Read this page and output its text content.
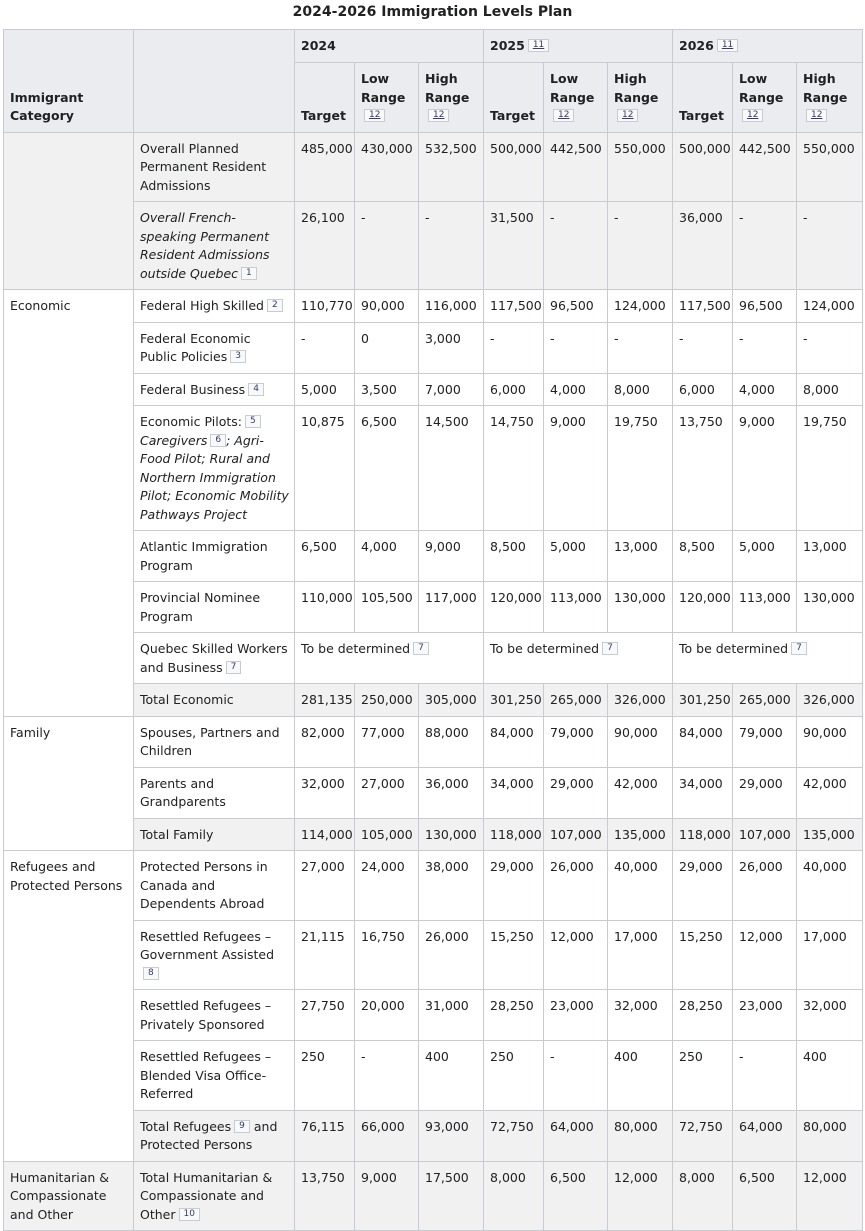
2024-2026 Immigration Levels Plan
Immigrant Category		2024			2025 11			2026 11		
		Target	Low Range12	High Range12	Target	Low Range12	High Range12	Target	Low Range12	High Range12
	Overall Planned Permanent Resident Admissions	485,000	430,000	532,500	500,000	442,500	550,000	500,000	442,500	550,000
	Overall French-speaking Permanent Resident Admissions outside Quebec 1	26,100	-	-	31,500	-	-	36,000	-	-
Economic	Federal High Skilled 2	110,770	90,000	116,000	117,500	96,500	124,000	117,500	96,500	124,000
	Federal Economic Public Policies 3	-	0	3,000	-	-	-	-	-	-
	Federal Business 4	5,000	3,500	7,000	6,000	4,000	8,000	6,000	4,000	8,000
	Economic Pilots: 5 Caregivers 6 ; Agri-Food Pilot; Rural and Northern Immigration Pilot; Economic Mobility Pathways Project	10,875	6,500	14,500	14,750	9,000	19,750	13,750	9,000	19,750
	Atlantic Immigration Program	6,500	4,000	9,000	8,500	5,000	13,000	8,500	5,000	13,000
	Provincial Nominee Program	110,000	105,500	117,000	120,000	113,000	130,000	120,000	113,000	130,000
	Quebec Skilled Workers and Business 7	To be determined 7			To be determined 7			To be determined 7		
	Total Economic	281,135	250,000	305,000	301,250	265,000	326,000	301,250	265,000	326,000
Family	Spouses, Partners and Children	82,000	77,000	88,000	84,000	79,000	90,000	84,000	79,000	90,000
	Parents and Grandparents	32,000	27,000	36,000	34,000	29,000	42,000	34,000	29,000	42,000
	Total Family	114,000	105,000	130,000	118,000	107,000	135,000	118,000	107,000	135,000
Refugees and Protected Persons	Protected Persons in Canada and Dependents Abroad	27,000	24,000	38,000	29,000	26,000	40,000	29,000	26,000	40,000
	Resettled Refugees – Government Assisted8	21,115	16,750	26,000	15,250	12,000	17,000	15,250	12,000	17,000
	Resettled Refugees – Privately Sponsored	27,750	20,000	31,000	28,250	23,000	32,000	28,250	23,000	32,000
	Resettled Refugees – Blended Visa Office-Referred	250	-	400	250	-	400	250	-	400
	Total Refugees 9 and Protected Persons	76,115	66,000	93,000	72,750	64,000	80,000	72,750	64,000	80,000
Humanitarian & Compassionate and Other	Total Humanitarian & Compassionate and Other 10	13,750	9,000	17,500	8,000	6,500	12,000	8,000	6,500	12,000
